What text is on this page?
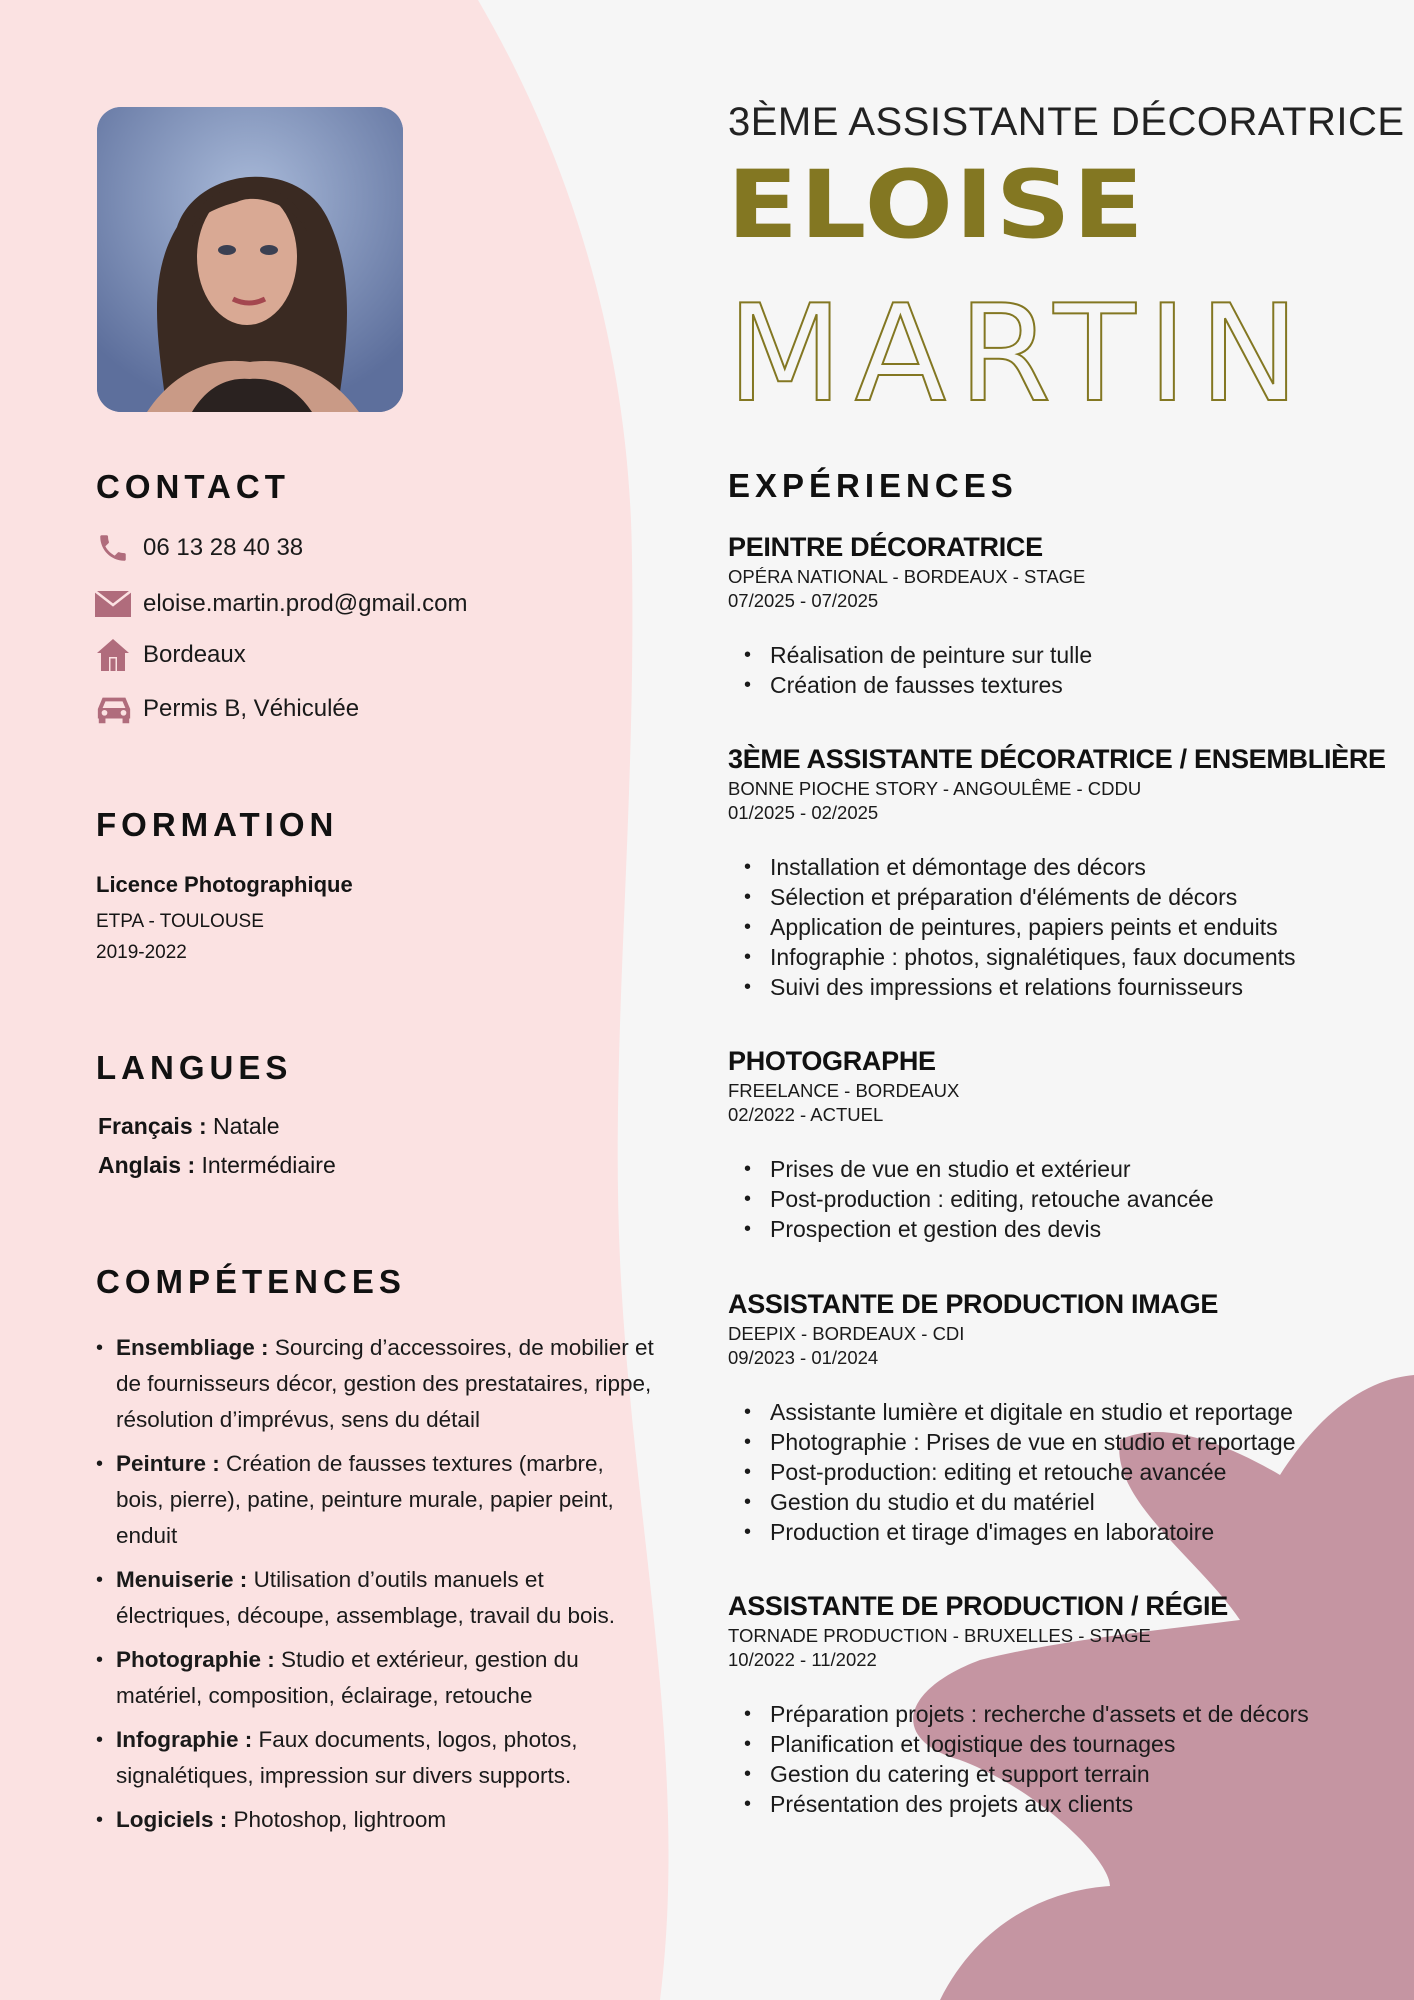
CONTACT
06 13 28 40 38
eloise.martin.prod@gmail.com
Bordeaux
Permis B, Véhiculée
FORMATION
Licence Photographique
ETPA - TOULOUSE
2019-2022
LANGUES
Français : Natale
Anglais : Intermédiaire
COMPÉTENCES
• Ensembliage : Sourcing d’accessoires, de mobilier et de fournisseurs décor, gestion des prestataires, rippe, résolution d’imprévus, sens du détail
• Peinture : Création de fausses textures (marbre, bois, pierre), patine, peinture murale, papier peint, enduit
• Menuiserie : Utilisation d’outils manuels et électriques, découpe, assemblage, travail du bois.
• Photographie : Studio et extérieur, gestion du matériel, composition, éclairage, retouche
• Infographie : Faux documents, logos, photos, signalétiques, impression sur divers supports.
• Logiciels : Photoshop, lightroom
3ÈME ASSISTANTE DÉCORATRICE
ELOISE
MARTIN
EXPÉRIENCES
PEINTRE DÉCORATRICE
OPÉRA NATIONAL - BORDEAUX - STAGE
07/2025 - 07/2025
• Réalisation de peinture sur tulle
• Création de fausses textures
3ÈME ASSISTANTE DÉCORATRICE / ENSEMBLIÈRE
BONNE PIOCHE STORY - ANGOULÊME - CDDU
01/2025 - 02/2025
• Installation et démontage des décors
• Sélection et préparation d'éléments de décors
• Application de peintures, papiers peints et enduits
• Infographie : photos, signalétiques, faux documents
• Suivi des impressions et relations fournisseurs
PHOTOGRAPHE
FREELANCE - BORDEAUX
02/2022 - ACTUEL
• Prises de vue en studio et extérieur
• Post-production : editing, retouche avancée
• Prospection et gestion des devis
ASSISTANTE DE PRODUCTION IMAGE
DEEPIX - BORDEAUX - CDI
09/2023 - 01/2024
• Assistante lumière et digitale en studio et reportage
• Photographie : Prises de vue en studio et reportage
• Post-production: editing et retouche avancée
• Gestion du studio et du matériel
• Production et tirage d'images en laboratoire
ASSISTANTE DE PRODUCTION / RÉGIE
TORNADE PRODUCTION - BRUXELLES - STAGE
10/2022 - 11/2022
• Préparation projets : recherche d'assets et de décors
• Planification et logistique des tournages
• Gestion du catering et support terrain
• Présentation des projets aux clients
